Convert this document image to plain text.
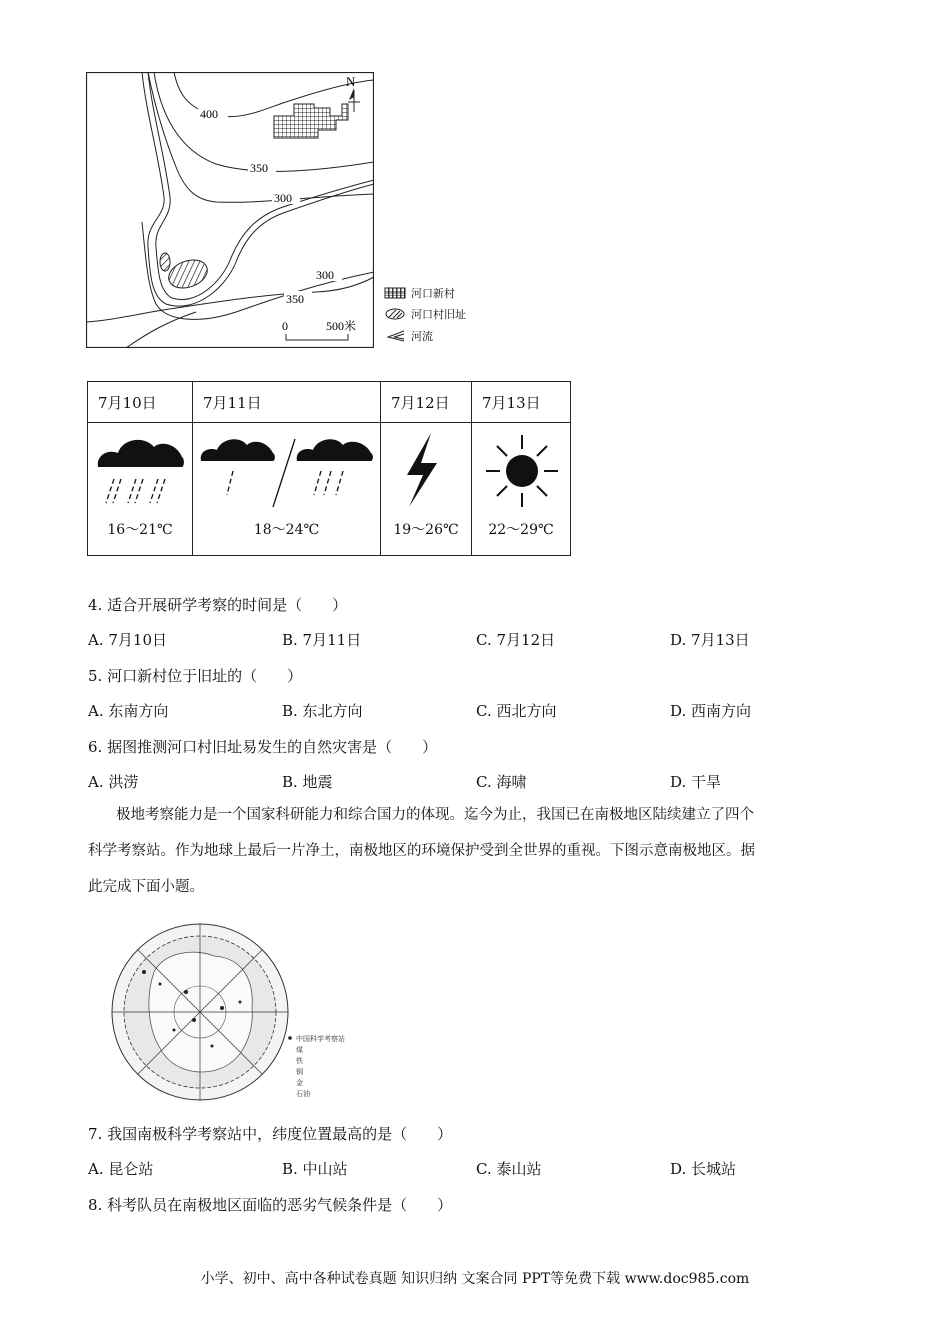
400
350
300
300
350
N
0	500米
河口新村
河口村旧址
河流
7月10日	7月11日	7月12日	7月13日

16～21℃	18～24℃	19～26℃	22～29℃
4. 适合开展研学考察的时间是（　　）
A. 7月10日	B. 7月11日	C. 7月12日	D. 7月13日
5. 河口新村位于旧址的（　　）
A. 东南方向	B. 东北方向	C. 西北方向	D. 西南方向
6. 据图推测河口村旧址易发生的自然灾害是（　　）
A. 洪涝	B. 地震	C. 海啸	D. 干旱

极地考察能力是一个国家科研能力和综合国力的体现。迄今为止，我国已在南极地区陆续建立了四个

科学考察站。作为地球上最后一片净土，南极地区的环境保护受到全世界的重视。下图示意南极地区。据

此完成下面小题。

中国科学考察站
煤
铁
铜
金
石油
7. 我国南极科学考察站中，纬度位置最高的是（　　）
A. 昆仑站	B. 中山站	C. 泰山站	D. 长城站
8. 科考队员在南极地区面临的恶劣气候条件是（　　）
小学、初中、高中各种试卷真题 知识归纳 文案合同 PPT等免费下载 www.doc985.com
